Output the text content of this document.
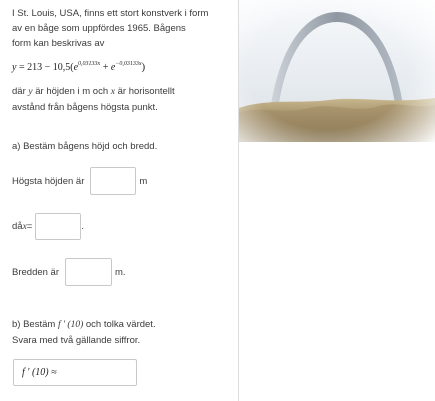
I St. Louis, USA, finns ett stort konstverk i form
av en båge som uppfördes 1965. Bågens
form kan beskrivas av
$y = 213 - 10,5(e^{0,03133x} + e^{-0,03133x})$
där y är höjden i m och x är horisontellt
avstånd från bågens högsta punkt.
a) Bestäm bågens höjd och bredd.
Högsta höjden är	m
då x =	.
Bredden är	m.
b) Bestäm f ′ (10) och tolka värdet.
Svara med två gällande siffror.
f ′ (10) ≈
